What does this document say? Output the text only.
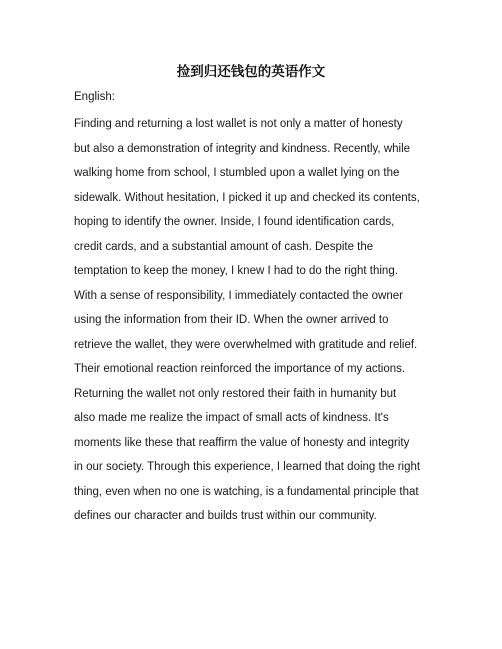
捡到归还钱包的英语作文

English:

Finding and returning a lost wallet is not only a matter of honesty
but also a demonstration of integrity and kindness. Recently, while
walking home from school, I stumbled upon a wallet lying on the
sidewalk. Without hesitation, I picked it up and checked its contents,
hoping to identify the owner. Inside, I found identification cards,
credit cards, and a substantial amount of cash. Despite the
temptation to keep the money, I knew I had to do the right thing.
With a sense of responsibility, I immediately contacted the owner
using the information from their ID. When the owner arrived to
retrieve the wallet, they were overwhelmed with gratitude and relief.
Their emotional reaction reinforced the importance of my actions.
Returning the wallet not only restored their faith in humanity but
also made me realize the impact of small acts of kindness. It's
moments like these that reaffirm the value of honesty and integrity
in our society. Through this experience, I learned that doing the right
thing, even when no one is watching, is a fundamental principle that
defines our character and builds trust within our community.
